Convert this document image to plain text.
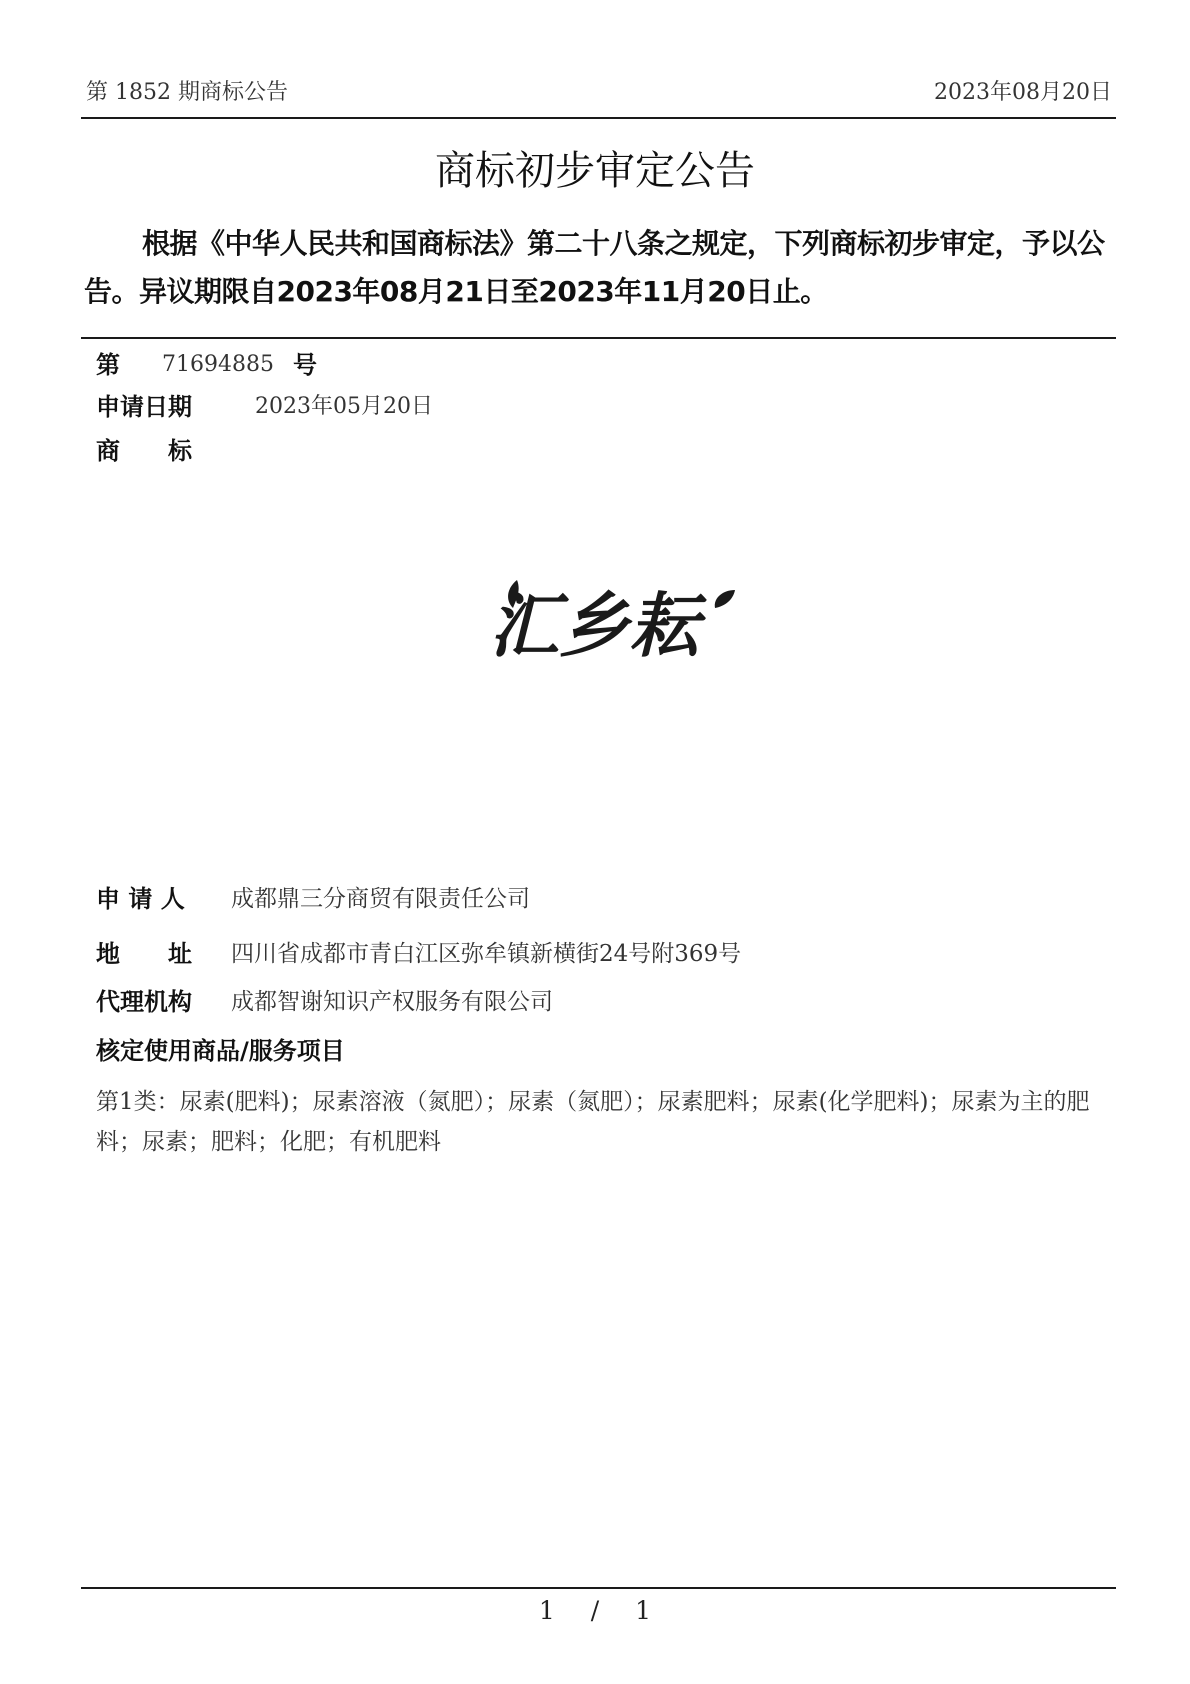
第 1852 期商标公告	2023年08月20日
商标初步审定公告
根据《中华人民共和国商标法》第二十八条之规定，下列商标初步审定，予以公告。异议期限自2023年08月21日至2023年11月20日止。
第 71694885 号
申请日期	2023年05月20日
商　　标
汇乡耘
申 请 人 成都鼎三分商贸有限责任公司
地　　址 四川省成都市青白江区弥牟镇新横街24号附369号
代理机构 成都智谢知识产权服务有限公司
核定使用商品/服务项目
第1类：尿素(肥料)；尿素溶液（氮肥）；尿素（氮肥）；尿素肥料；尿素(化学肥料)；尿素为主的肥料；尿素；肥料；化肥；有机肥料
1 / 1
